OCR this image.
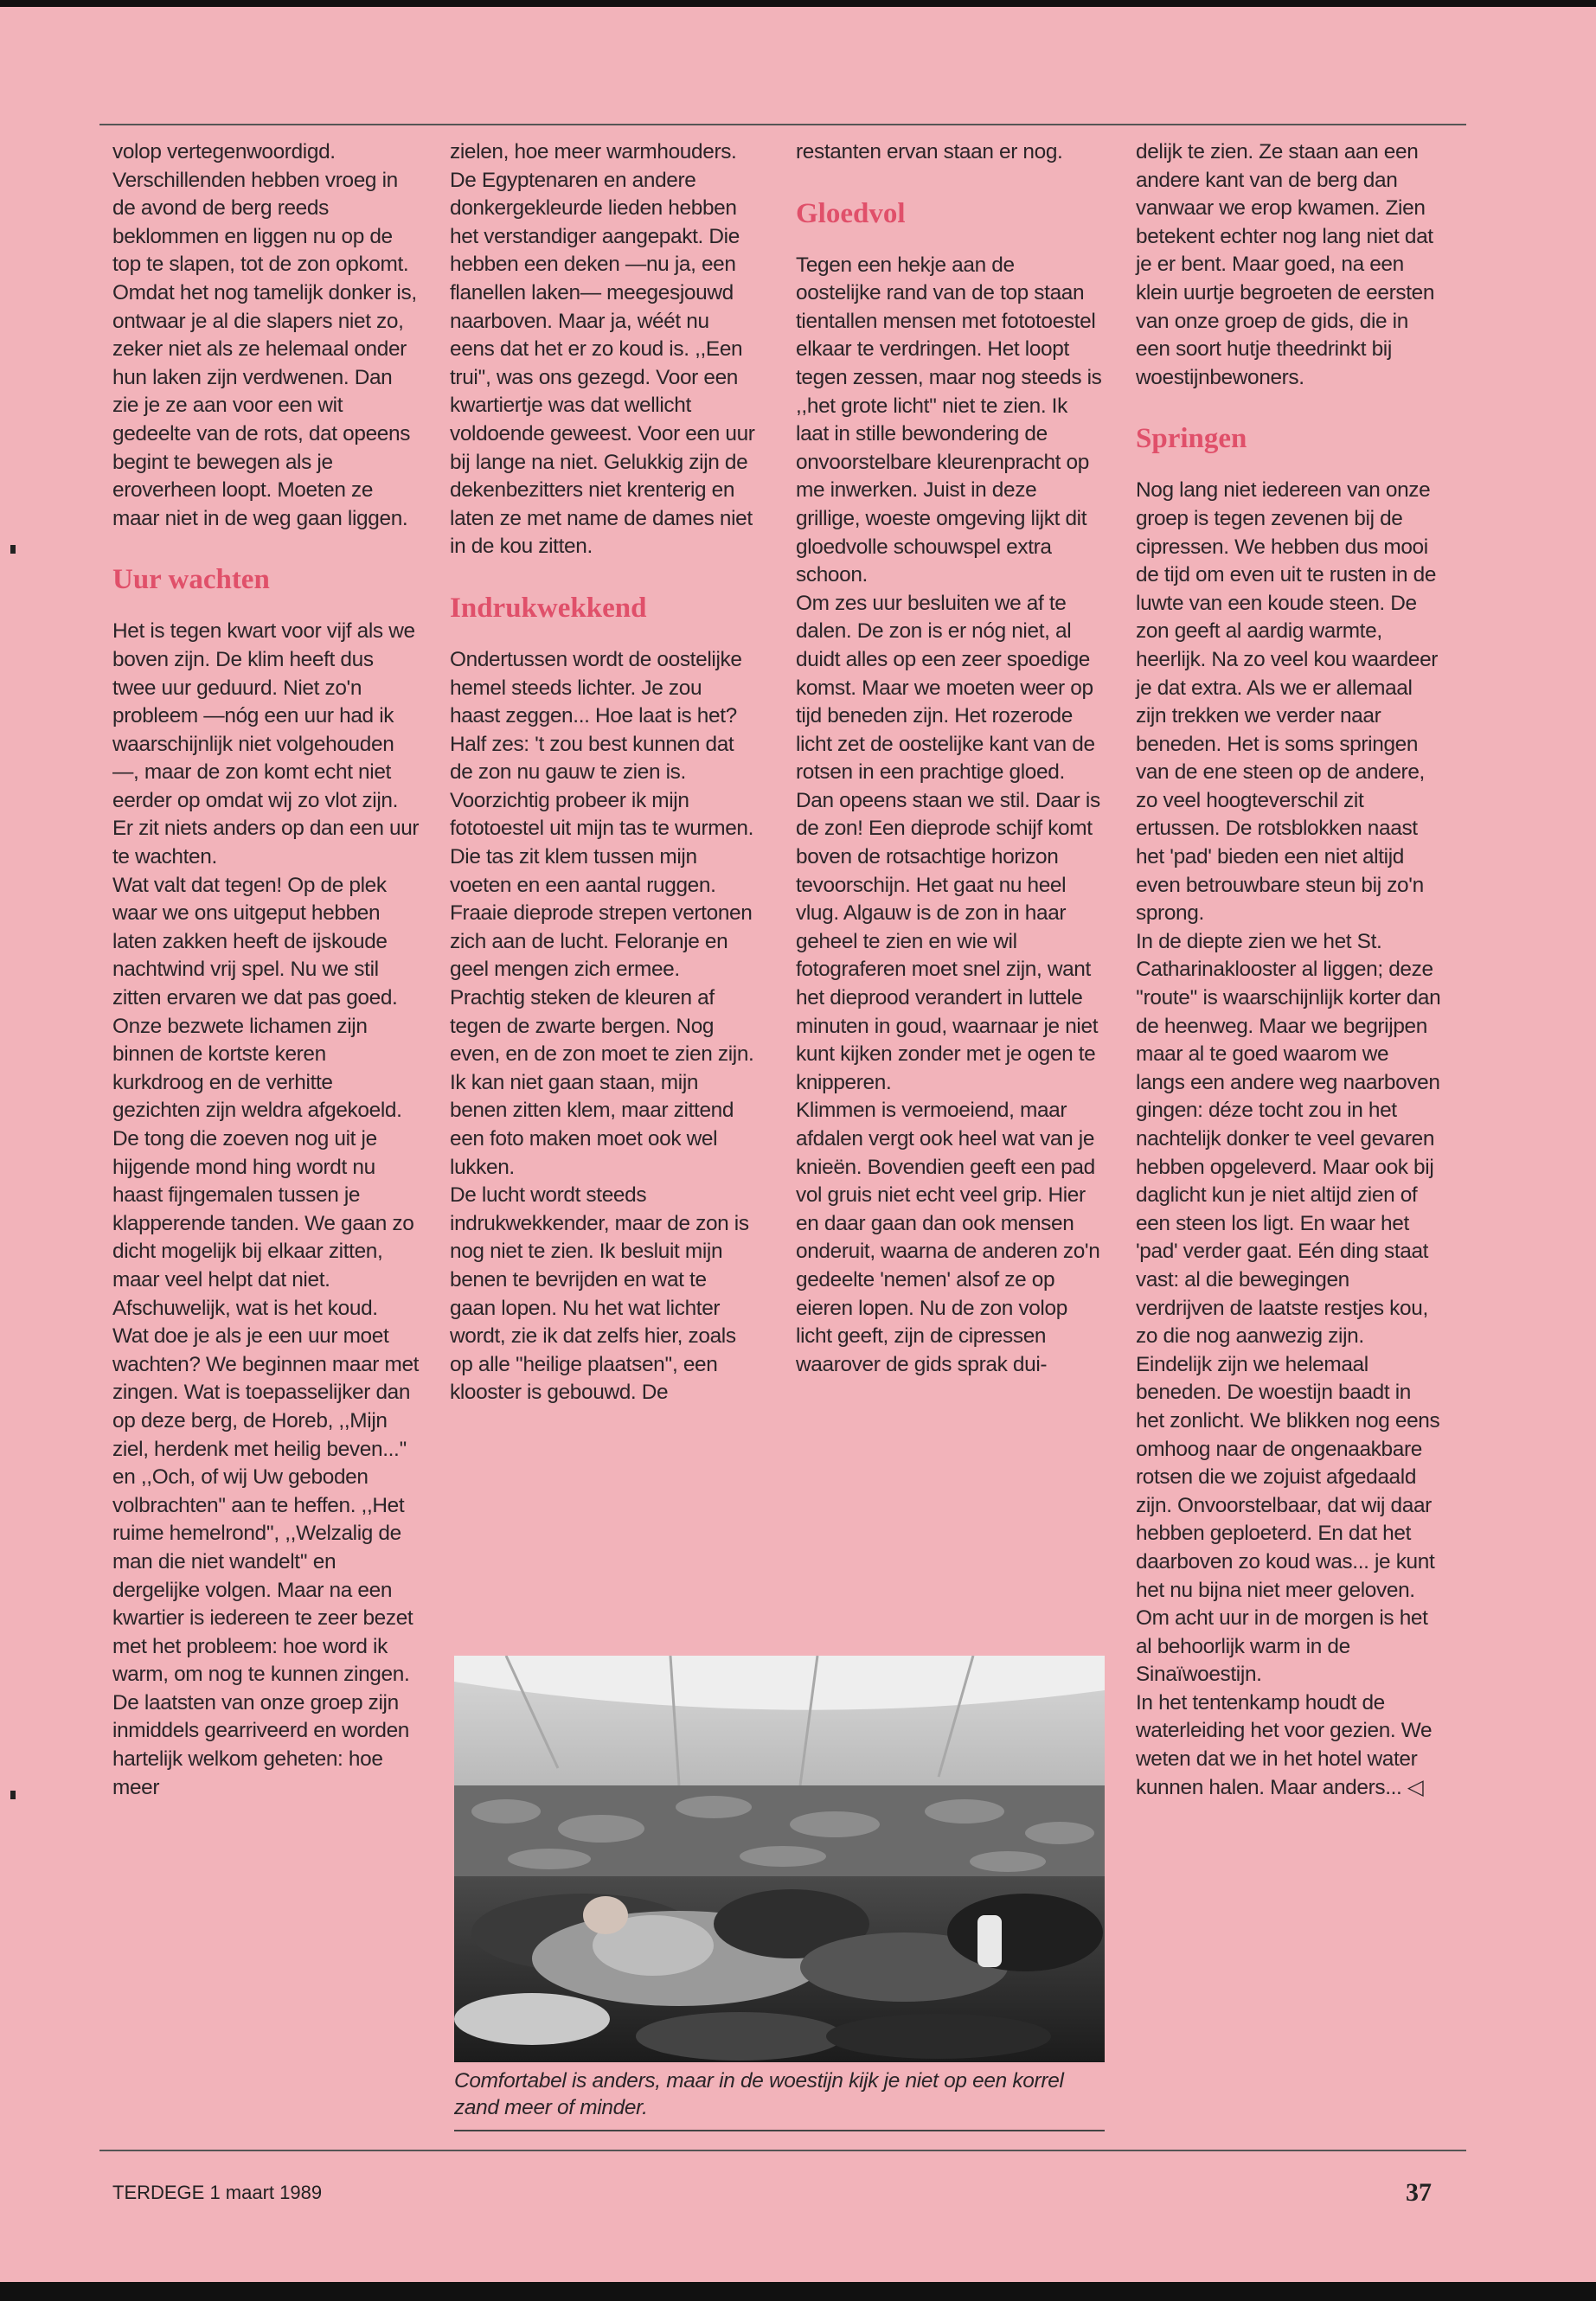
volop vertegenwoordigd. Verschillenden hebben vroeg in de avond de berg reeds beklommen en liggen nu op de top te slapen, tot de zon opkomt. Omdat het nog tamelijk donker is, ontwaar je al die slapers niet zo, zeker niet als ze helemaal onder hun laken zijn verdwenen. Dan zie je ze aan voor een wit gedeelte van de rots, dat opeens begint te bewegen als je eroverheen loopt. Moeten ze maar niet in de weg gaan liggen.

Uur wachten

Het is tegen kwart voor vijf als we boven zijn. De klim heeft dus twee uur geduurd. Niet zo'n probleem —nóg een uur had ik waarschijnlijk niet volgehouden—, maar de zon komt echt niet eerder op omdat wij zo vlot zijn. Er zit niets anders op dan een uur te wachten.

Wat valt dat tegen! Op de plek waar we ons uitgeput hebben laten zakken heeft de ijskoude nachtwind vrij spel. Nu we stil zitten ervaren we dat pas goed. Onze bezwete lichamen zijn binnen de kortste keren kurkdroog en de verhitte gezichten zijn weldra afgekoeld. De tong die zoeven nog uit je hijgende mond hing wordt nu haast fijngemalen tussen je klapperende tanden. We gaan zo dicht mogelijk bij elkaar zitten, maar veel helpt dat niet. Afschuwelijk, wat is het koud.

Wat doe je als je een uur moet wachten? We beginnen maar met zingen. Wat is toepasselijker dan op deze berg, de Horeb, ,,Mijn ziel, herdenk met heilig beven...'' en ,,Och, of wij Uw geboden volbrachten'' aan te heffen. ,,Het ruime hemelrond'', ,,Welzalig de man die niet wandelt'' en dergelijke volgen. Maar na een kwartier is iedereen te zeer bezet met het probleem: hoe word ik warm, om nog te kunnen zingen. De laatsten van onze groep zijn inmiddels gearriveerd en worden hartelijk welkom geheten: hoe meer

zielen, hoe meer warmhouders.

De Egyptenaren en andere donkergekleurde lieden hebben het verstandiger aangepakt. Die hebben een deken —nu ja, een flanellen laken— meegesjouwd naarboven. Maar ja, wéét nu eens dat het er zo koud is. ,,Een trui'', was ons gezegd. Voor een kwartiertje was dat wellicht voldoende geweest. Voor een uur bij lange na niet. Gelukkig zijn de dekenbezitters niet krenterig en laten ze met name de dames niet in de kou zitten.

Indrukwekkend

Ondertussen wordt de oostelijke hemel steeds lichter. Je zou haast zeggen... Hoe laat is het? Half zes: 't zou best kunnen dat de zon nu gauw te zien is. Voorzichtig probeer ik mijn fototoestel uit mijn tas te wurmen. Die tas zit klem tussen mijn voeten en een aantal ruggen.

Fraaie dieprode strepen vertonen zich aan de lucht. Feloranje en geel mengen zich ermee. Prachtig steken de kleuren af tegen de zwarte bergen. Nog even, en de zon moet te zien zijn. Ik kan niet gaan staan, mijn benen zitten klem, maar zittend een foto maken moet ook wel lukken.

De lucht wordt steeds indrukwekkender, maar de zon is nog niet te zien. Ik besluit mijn benen te bevrijden en wat te gaan lopen. Nu het wat lichter wordt, zie ik dat zelfs hier, zoals op alle ''heilige plaatsen'', een klooster is gebouwd. De

restanten ervan staan er nog.

Gloedvol

Tegen een hekje aan de oostelijke rand van de top staan tientallen mensen met fototoestel elkaar te verdringen. Het loopt tegen zessen, maar nog steeds is ,,het grote licht'' niet te zien. Ik laat in stille bewondering de onvoorstelbare kleurenpracht op me inwerken. Juist in deze grillige, woeste omgeving lijkt dit gloedvolle schouwspel extra schoon.

Om zes uur besluiten we af te dalen. De zon is er nóg niet, al duidt alles op een zeer spoedige komst. Maar we moeten weer op tijd beneden zijn. Het rozerode licht zet de oostelijke kant van de rotsen in een prachtige gloed. Dan opeens staan we stil. Daar is de zon! Een dieprode schijf komt boven de rotsachtige horizon tevoorschijn. Het gaat nu heel vlug. Algauw is de zon in haar geheel te zien en wie wil fotograferen moet snel zijn, want het dieprood verandert in luttele minuten in goud, waarnaar je niet kunt kijken zonder met je ogen te knipperen.

Klimmen is vermoeiend, maar afdalen vergt ook heel wat van je knieën. Bovendien geeft een pad vol gruis niet echt veel grip. Hier en daar gaan dan ook mensen onderuit, waarna de anderen zo'n gedeelte 'nemen' alsof ze op eieren lopen. Nu de zon volop licht geeft, zijn de cipressen waarover de gids sprak dui-

delijk te zien. Ze staan aan een andere kant van de berg dan vanwaar we erop kwamen. Zien betekent echter nog lang niet dat je er bent. Maar goed, na een klein uurtje begroeten de eersten van onze groep de gids, die in een soort hutje theedrinkt bij woestijnbewoners.

Springen

Nog lang niet iedereen van onze groep is tegen zevenen bij de cipressen. We hebben dus mooi de tijd om even uit te rusten in de luwte van een koude steen. De zon geeft al aardig warmte, heerlijk. Na zo veel kou waardeer je dat extra. Als we er allemaal zijn trekken we verder naar beneden. Het is soms springen van de ene steen op de andere, zo veel hoogteverschil zit ertussen. De rotsblokken naast het 'pad' bieden een niet altijd even betrouwbare steun bij zo'n sprong.

In de diepte zien we het St. Catharinaklooster al liggen; deze ''route'' is waarschijnlijk korter dan de heenweg. Maar we begrijpen maar al te goed waarom we langs een andere weg naarboven gingen: déze tocht zou in het nachtelijk donker te veel gevaren hebben opgeleverd. Maar ook bij daglicht kun je niet altijd zien of een steen los ligt. En waar het 'pad' verder gaat. Eén ding staat vast: al die bewegingen verdrijven de laatste restjes kou, zo die nog aanwezig zijn.

Eindelijk zijn we helemaal beneden. De woestijn baadt in het zonlicht. We blikken nog eens omhoog naar de ongenaakbare rotsen die we zojuist afgedaald zijn. Onvoorstelbaar, dat wij daar hebben geploeterd. En dat het daarboven zo koud was... je kunt het nu bijna niet meer geloven. Om acht uur in de morgen is het al behoorlijk warm in de Sinaïwoestijn.

In het tentenkamp houdt de waterleiding het voor gezien. We weten dat we in het hotel water kunnen halen. Maar anders... ◁

Comfortabel is anders, maar in de woestijn kijk je niet op een korrel zand meer of minder.
TERDEGE 1 maart 1989	37
